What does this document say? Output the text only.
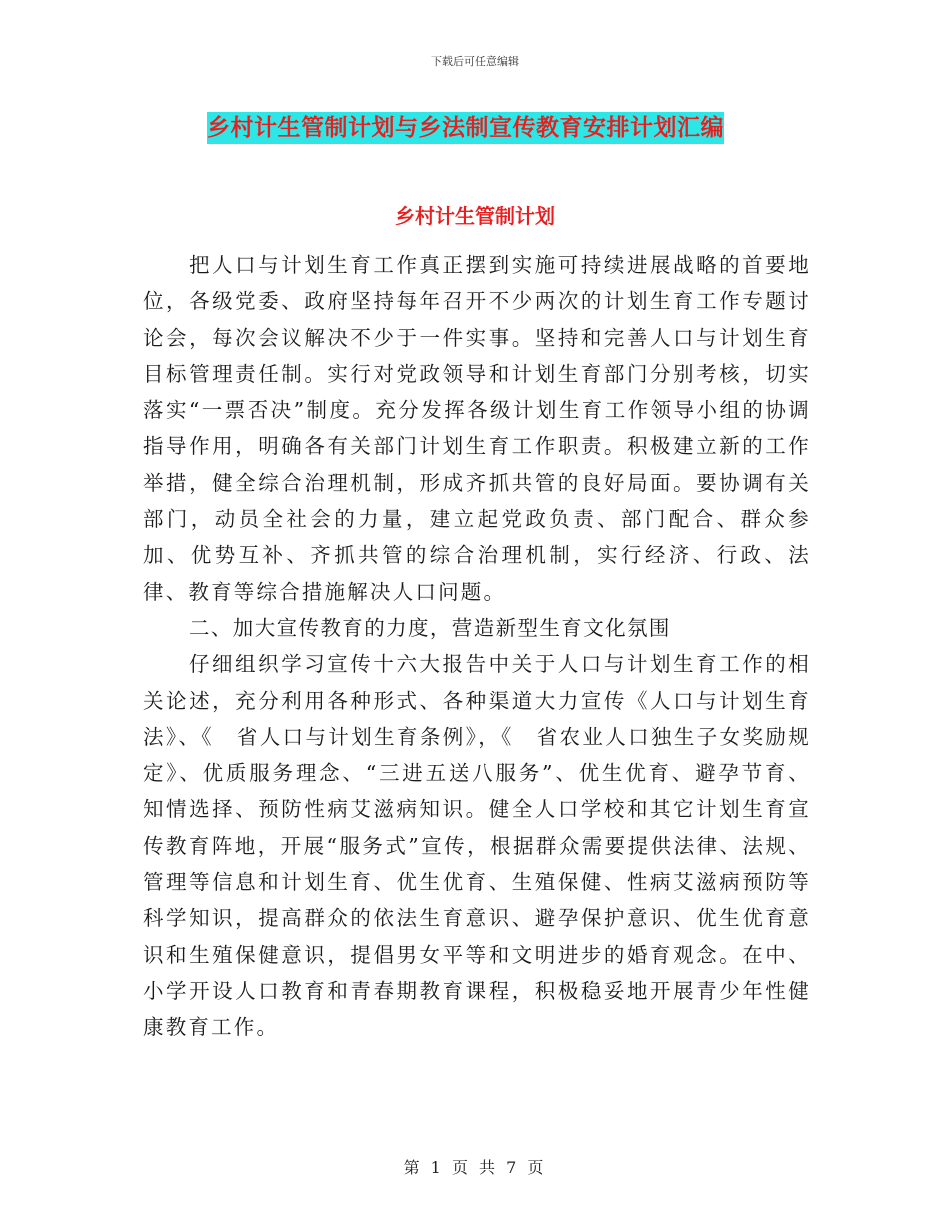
下载后可任意编辑
乡村计生管制计划与乡法制宣传教育安排计划汇编
乡村计生管制计划

把人口与计划生育工作真正摆到实施可持续进展战略的首要地位，各级党委、政府坚持每年召开不少两次的计划生育工作专题讨论会，每次会议解决不少于一件实事。坚持和完善人口与计划生育目标管理责任制。实行对党政领导和计划生育部门分别考核，切实落实“一票否决”制度。充分发挥各级计划生育工作领导小组的协调指导作用，明确各有关部门计划生育工作职责。积极建立新的工作举措，健全综合治理机制，形成齐抓共管的良好局面。要协调有关部门，动员全社会的力量，建立起党政负责、部门配合、群众参加、优势互补、齐抓共管的综合治理机制，实行经济、行政、法律、教育等综合措施解决人口问题。

二、加大宣传教育的力度，营造新型生育文化氛围

仔细组织学习宣传十六大报告中关于人口与计划生育工作的相关论述，充分利用各种形式、各种渠道大力宣传《人口与计划生育法》、《　省人口与计划生育条例》，《　省农业人口独生子女奖励规定》、优质服务理念、“三进五送八服务”、优生优育、避孕节育、知情选择、预防性病艾滋病知识。健全人口学校和其它计划生育宣传教育阵地，开展“服务式”宣传，根据群众需要提供法律、法规、管理等信息和计划生育、优生优育、生殖保健、性病艾滋病预防等科学知识，提高群众的依法生育意识、避孕保护意识、优生优育意识和生殖保健意识，提倡男女平等和文明进步的婚育观念。在中、小学开设人口教育和青春期教育课程，积极稳妥地开展青少年性健康教育工作。

第 1 页 共 7 页
